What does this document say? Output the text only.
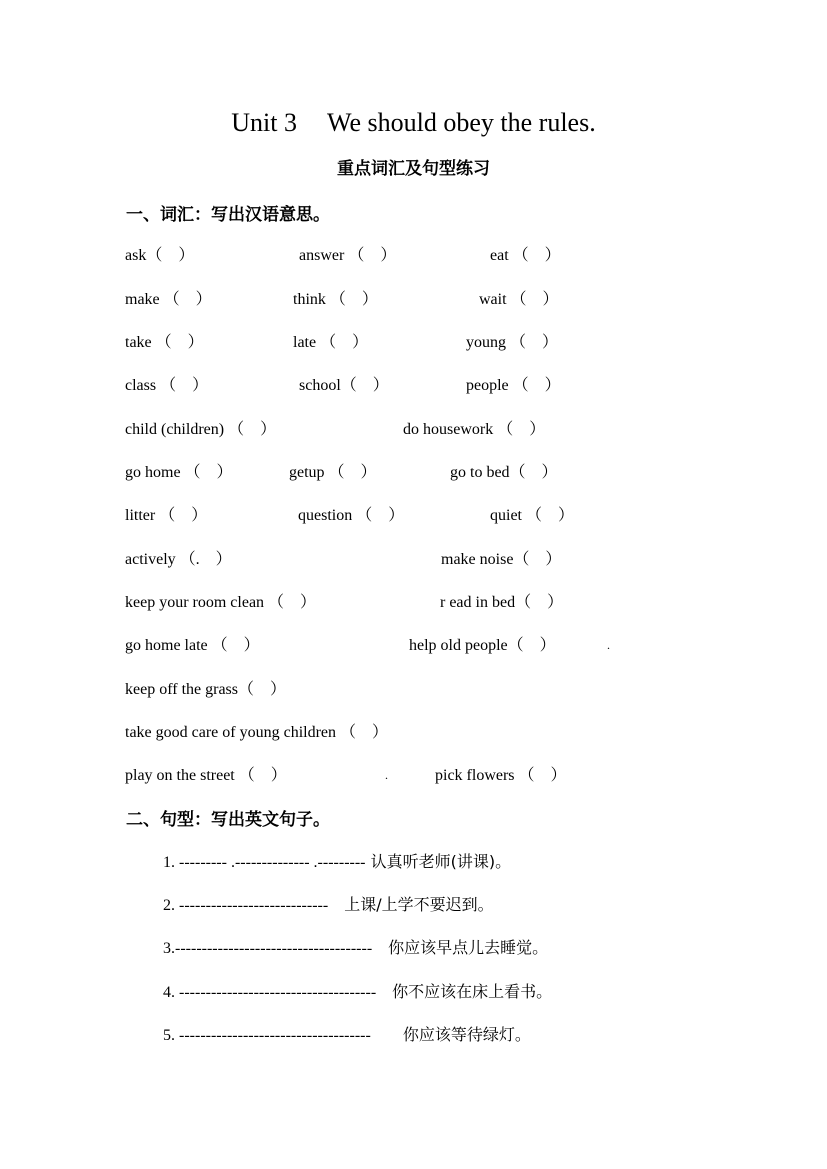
Unit 3 We should obey the rules.
重点词汇及句型练习
一、词汇：写出汉语意思。
ask（　）	answer （　）	eat （　）
make （　）	think （　）	wait （　）
take （　）	late （　）	young （　）
class （　）	school（　）	people （　）
child (children) （　）	do housework （　）
go home （　）	getup （　）	go to bed（　）
litter （　）	question （　）	quiet （　）
actively （.　）	make noise（　）
keep your room clean （　）	r ead in bed（　）
go home late （　）	help old people（　）	.
keep off the grass（　）
take good care of young children （　）
play on the street （　）	.	pick flowers （　）
二、句型：写出英文句子。
1. --------- .-------------- .--------- 认真听老师(讲课)。
2. ----------------------------　上课/上学不要迟到。
3.-------------------------------------　你应该早点儿去睡觉。
4. -------------------------------------　你不应该在床上看书。
5. ------------------------------------　　你应该等待绿灯。
